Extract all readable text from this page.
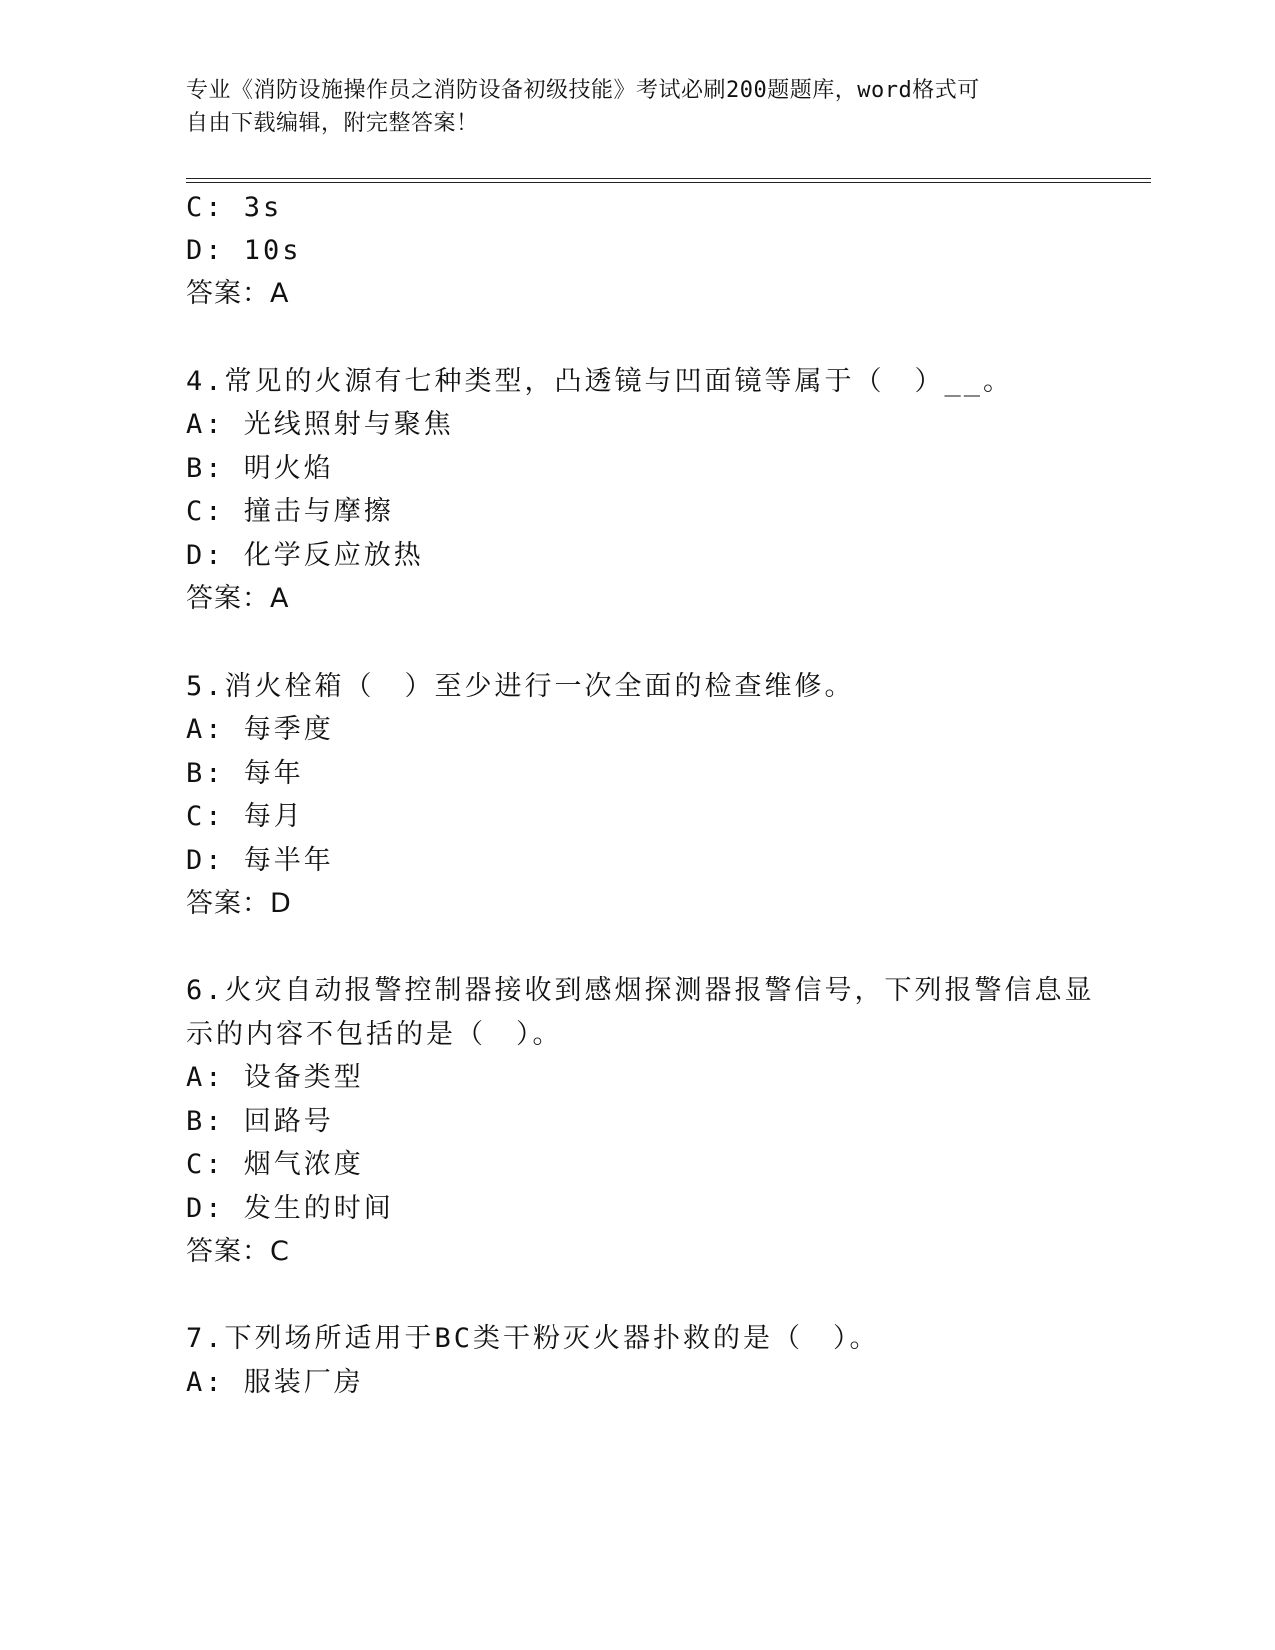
专业《消防设施操作员之消防设备初级技能》考试必刷200题题库，word格式可
自由下载编辑，附完整答案！
C: 3s
D: 10s
答案：A
4.常见的火源有七种类型，凸透镜与凹面镜等属于（　）__。
A: 光线照射与聚焦
B: 明火焰
C: 撞击与摩擦
D: 化学反应放热
答案：A
5.消火栓箱（　）至少进行一次全面的检查维修。
A: 每季度
B: 每年
C: 每月
D: 每半年
答案：D
6.火灾自动报警控制器接收到感烟探测器报警信号，下列报警信息显
示的内容不包括的是（　）。
A: 设备类型
B: 回路号
C: 烟气浓度
D: 发生的时间
答案：C
7.下列场所适用于BC类干粉灭火器扑救的是（　）。
A: 服装厂房
